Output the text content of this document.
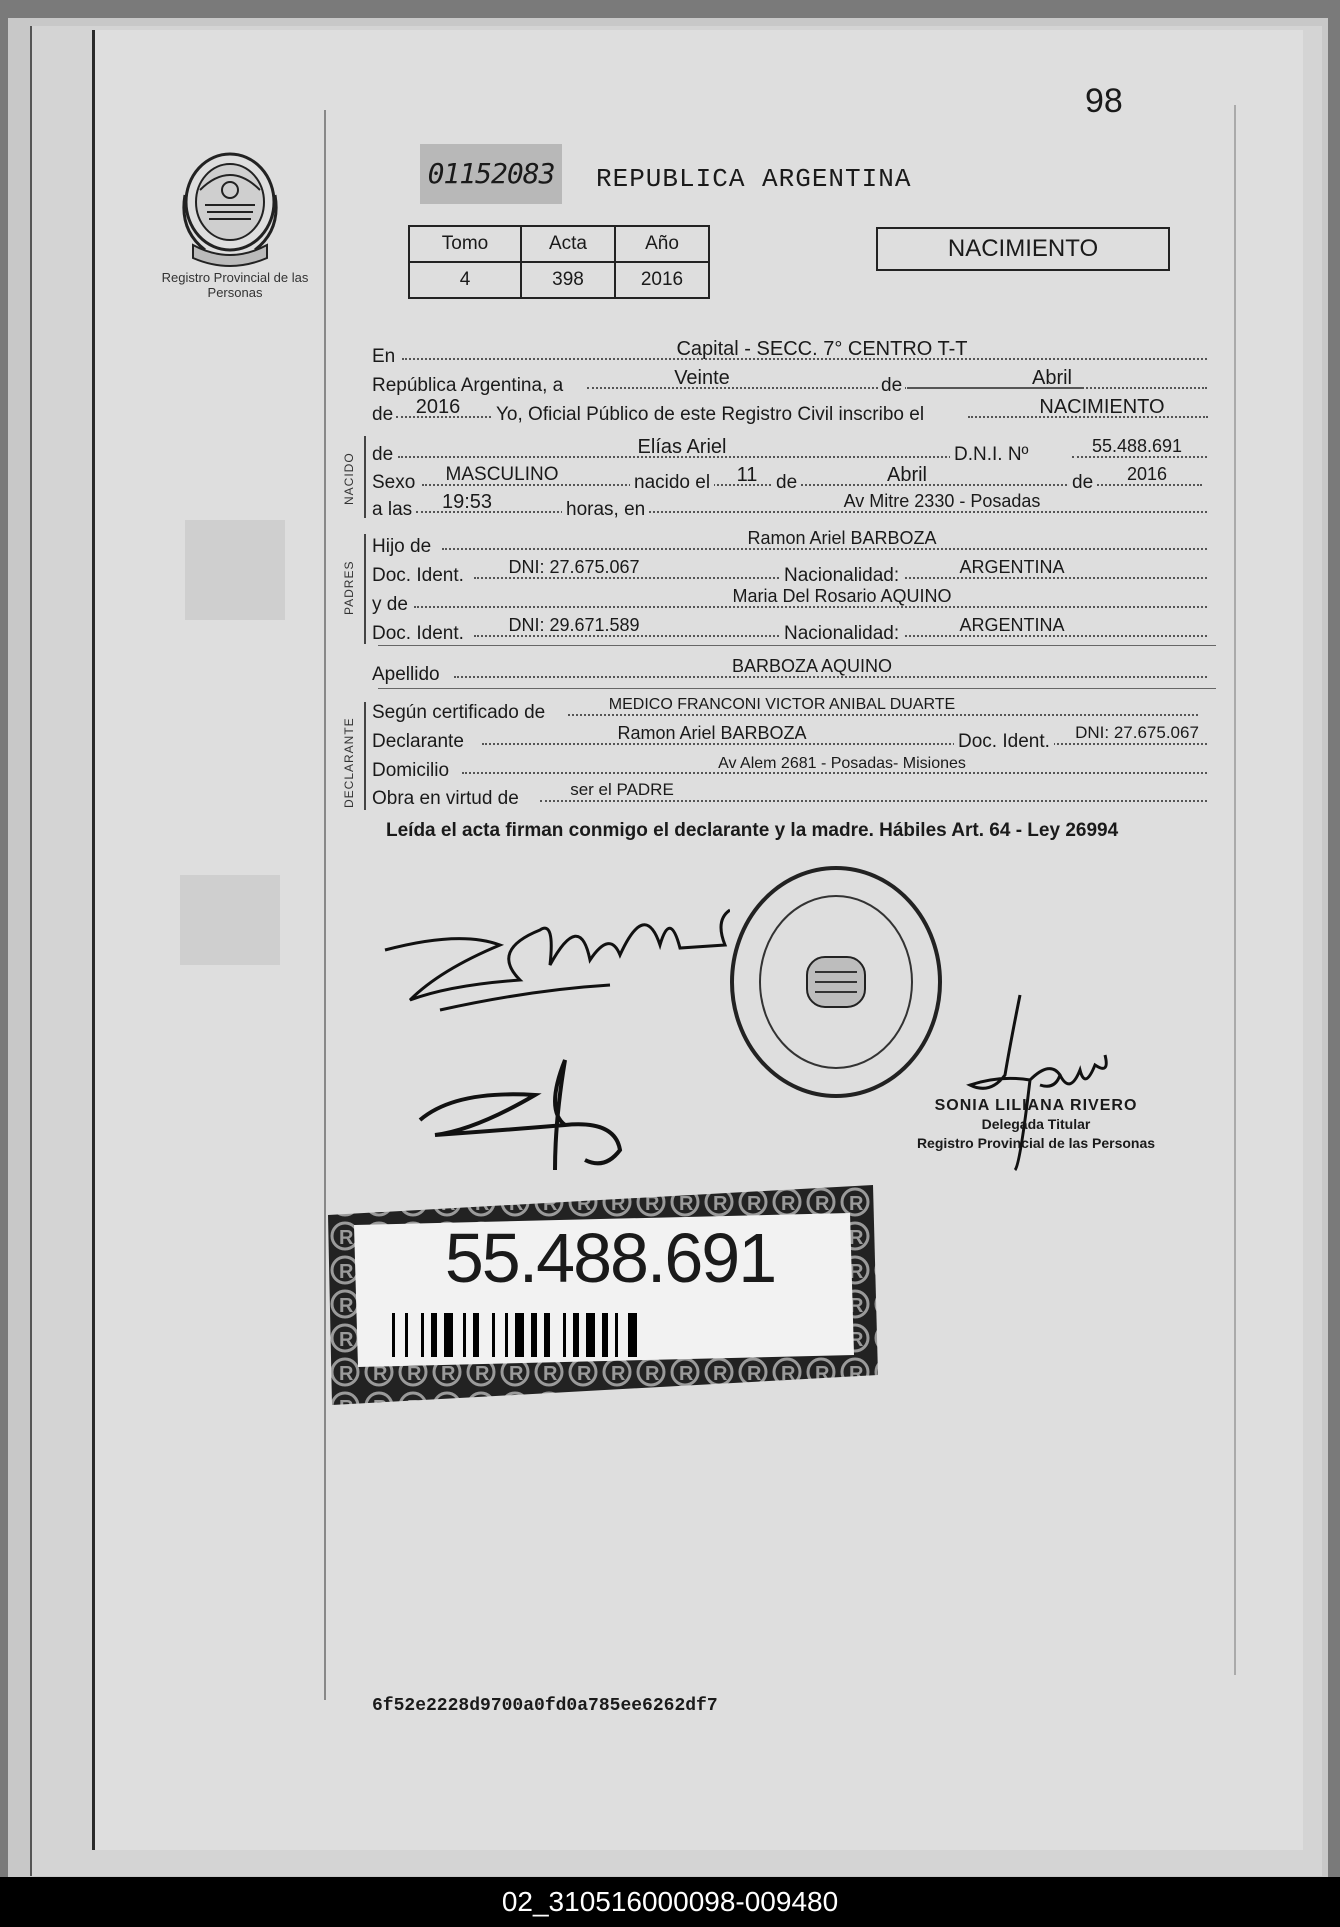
98
Registro Provincial de las Personas
01152083 REPUBLICA ARGENTINA
Tomo	Acta	Año
4	398	2016
NACIMIENTO
En	Capital - SECC. 7° CENTRO T-T
República Argentina, a	Veinte	de	Abril
de	2016	Yo, Oficial Público de este Registro Civil inscribo el	NACIMIENTO
NACIDO de	Elías Ariel	D.N.I. Nº	55.488.691
Sexo	MASCULINO	nacido el	11 de	Abril	de	2016
a las	19:53	horas, en	Av Mitre 2330 - Posadas
PADRES
Hijo de	Ramon Ariel BARBOZA
Doc. Ident.	DNI: 27.675.067	Nacionalidad:	ARGENTINA
y de	Maria Del Rosario AQUINO
Doc. Ident.	DNI: 29.671.589	Nacionalidad:	ARGENTINA
Apellido	BARBOZA AQUINO
DECLARANTE
Según certificado de	MEDICO FRANCONI VICTOR ANIBAL DUARTE
Declarante	Ramon Ariel BARBOZA	Doc. Ident.	DNI: 27.675.067
Domicilio	Av Alem 2681 - Posadas- Misiones
Obra en virtud de	ser el PADRE
Leída el acta firman conmigo el declarante y la madre. Hábiles Art. 64 - Ley 26994
SONIA LILIANA RIVERO
Delegada Titular
Registro Provincial de las Personas
55.488.691
6f52e2228d9700a0fd0a785ee6262df7
02_310516000098-009480
